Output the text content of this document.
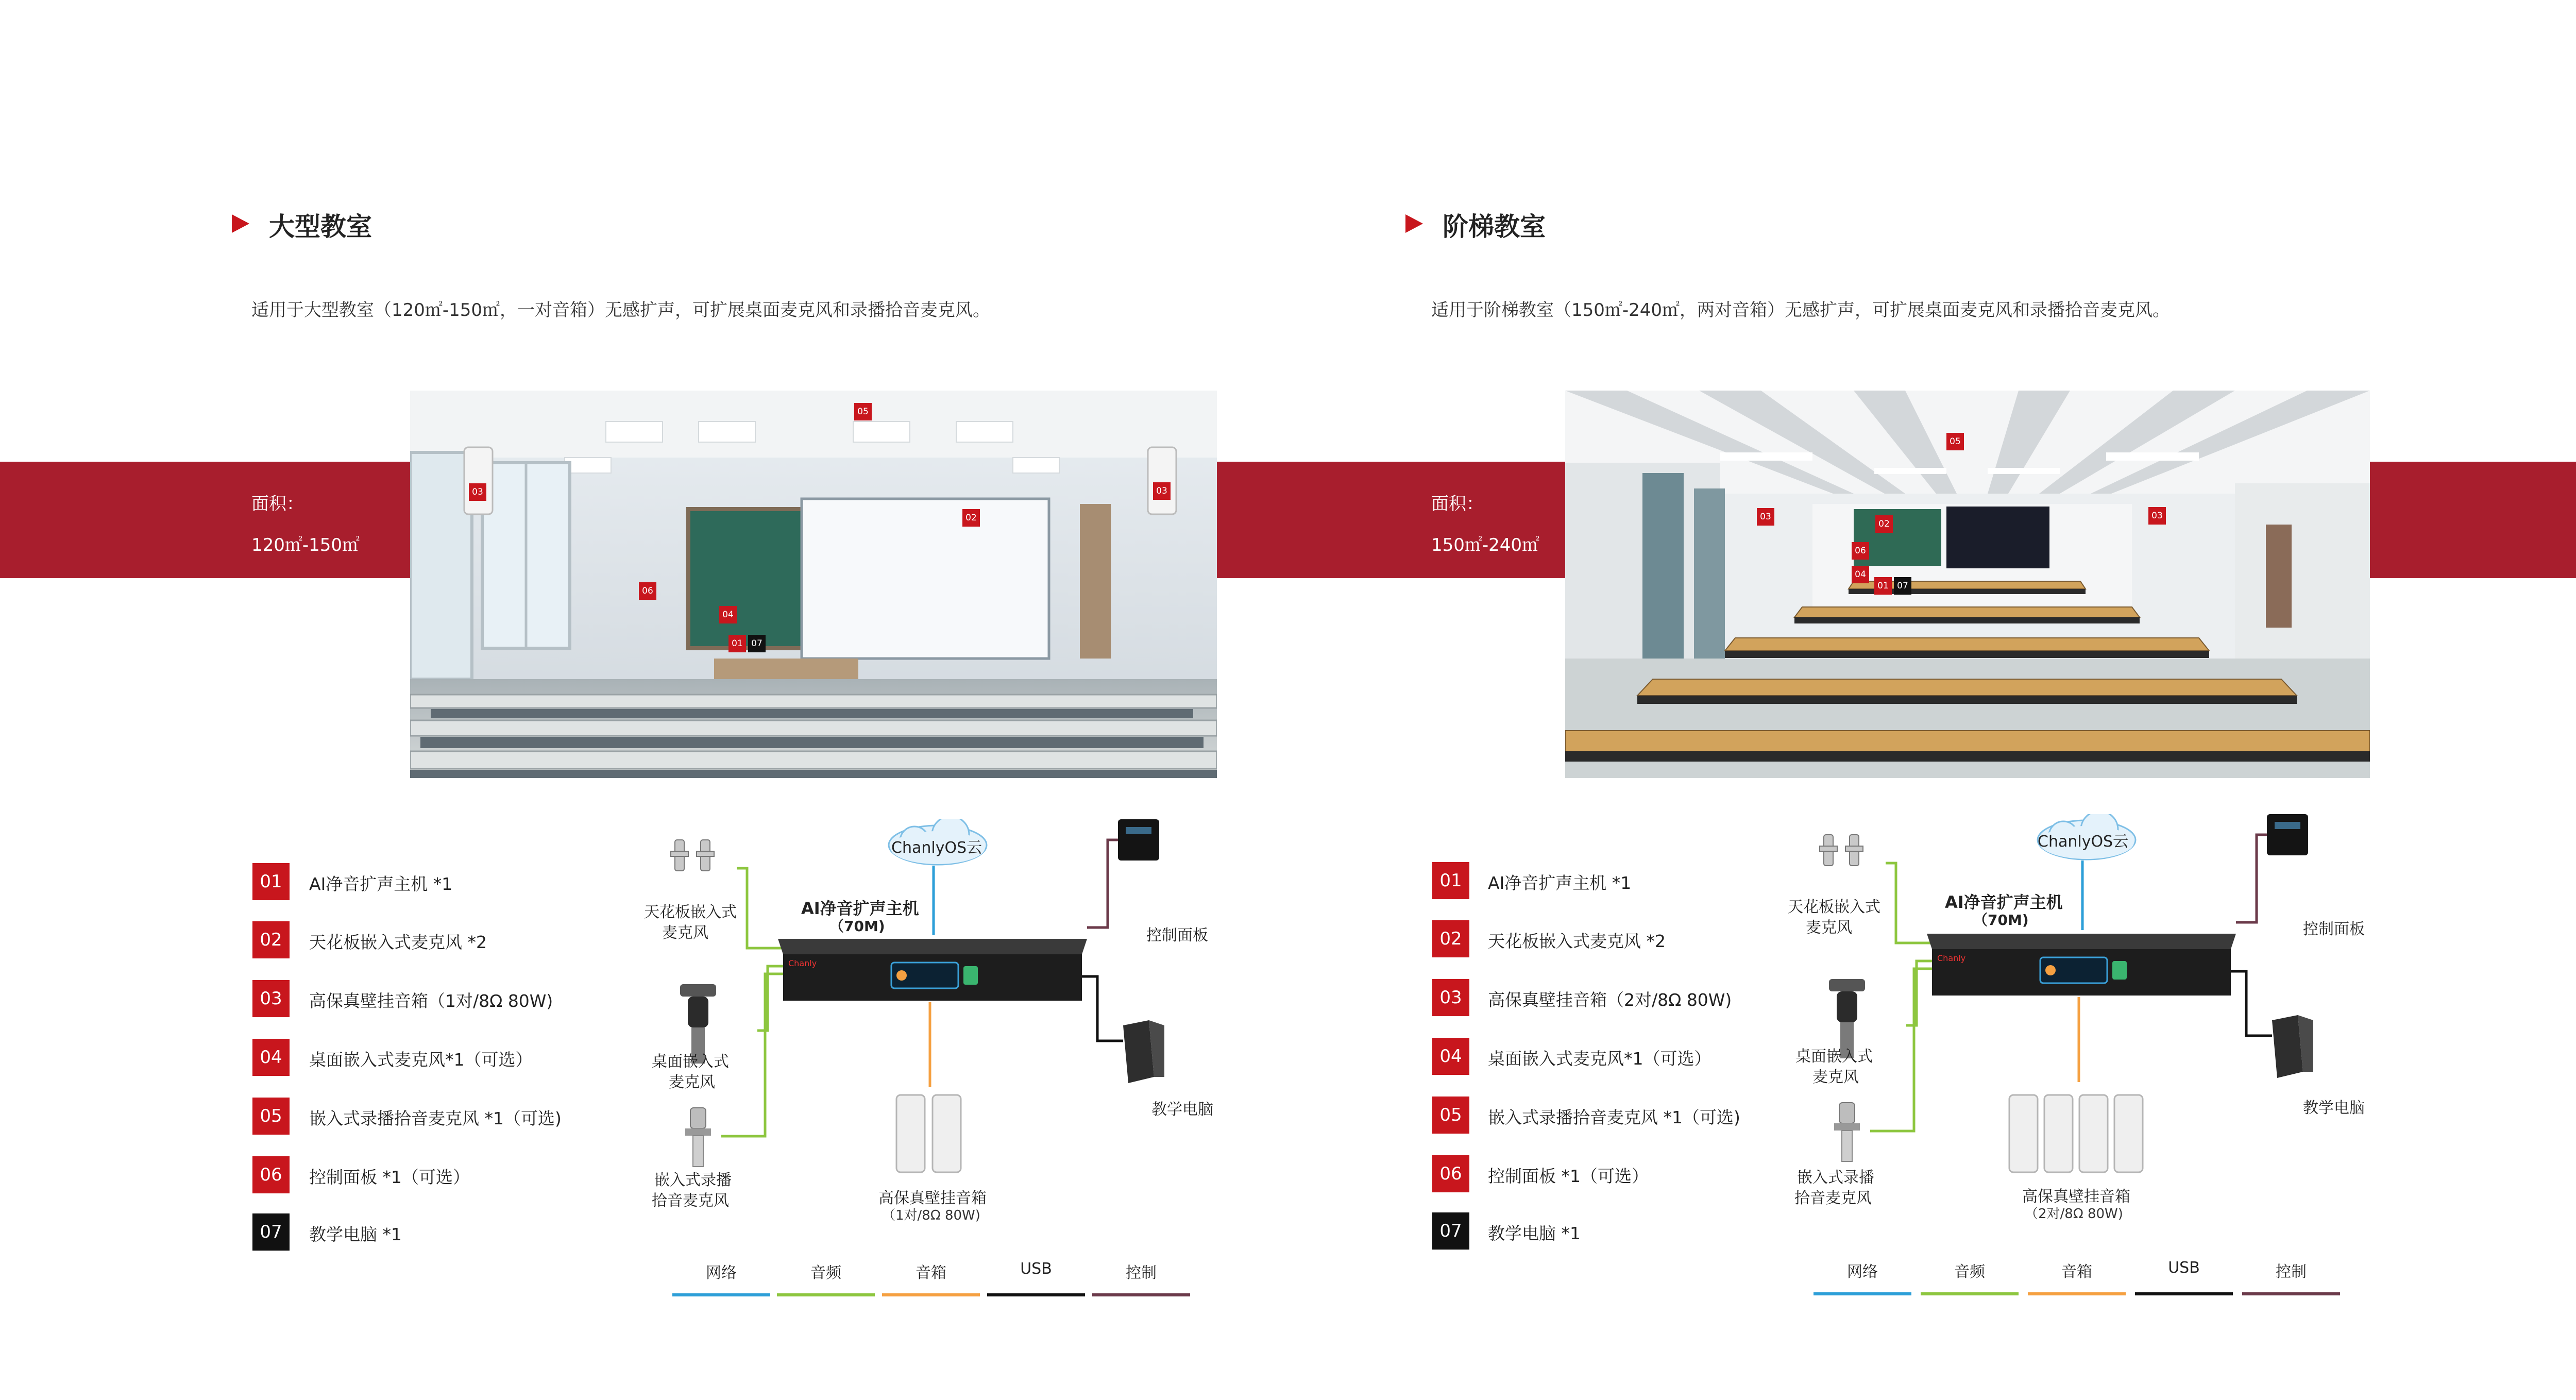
大型教室
适用于大型教室（120㎡-150㎡，一对音箱）无感扩声，可扩展桌面麦克风和录播拾音麦克风。
面积：
120㎡-150㎡
05
03	03
02
06
04
01 07
01	AI净音扩声主机 *1
02	天花板嵌入式麦克风 *2
03	高保真壁挂音箱（1对/8Ω 80W)
04	桌面嵌入式麦克风*1（可选）
05	嵌入式录播拾音麦克风 *1（可选)
06	控制面板 *1（可选）
07	教学电脑 *1
Chanly
ChanlyOS云
AI净音扩声主机
（70M)
天花板嵌入式
麦克风
桌面嵌入式
麦克风
嵌入式录播
拾音麦克风
控制面板
教学电脑
高保真壁挂音箱
（1对/8Ω 80W)
网络	音频	音箱	USB	控制
阶梯教室
适用于阶梯教室（150㎡-240㎡，两对音箱）无感扩声，可扩展桌面麦克风和录播拾音麦克风。
面积：
150㎡-240㎡
05
03	03
02
06
04
01 07
01	AI净音扩声主机 *1
02	天花板嵌入式麦克风 *2
03	高保真壁挂音箱（2对/8Ω 80W)
04	桌面嵌入式麦克风*1（可选）
05	嵌入式录播拾音麦克风 *1（可选)
06	控制面板 *1（可选）
07	教学电脑 *1
Chanly
ChanlyOS云
AI净音扩声主机
（70M)
天花板嵌入式
麦克风
桌面嵌入式
麦克风
嵌入式录播
拾音麦克风
控制面板
教学电脑
高保真壁挂音箱
（2对/8Ω 80W)
网络	音频	音箱	USB	控制
